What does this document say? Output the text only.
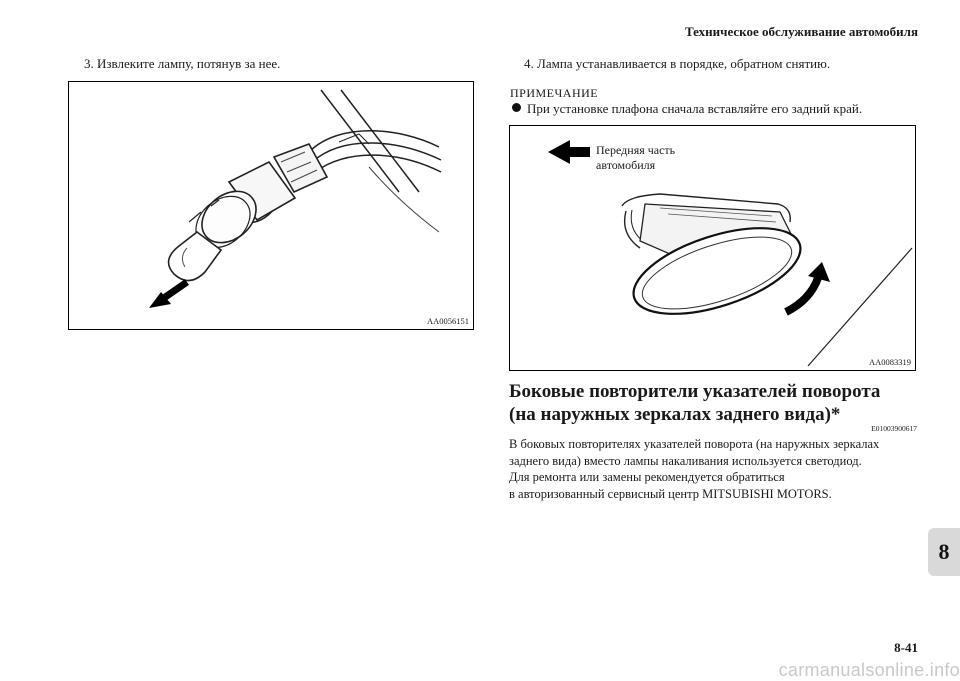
Техническое обслуживание автомобиля
3. Извлеките лампу, потянув за нее.
AA0056151
4. Лампа устанавливается в порядке, обратном снятию.
ПРИМЕЧАНИЕ
При установке плафона сначала вставляйте его задний край.
Передняя часть
автомобиля
AA0083319
Боковые повторители указателей поворота
(на наружных зеркалах заднего вида)*
E01003900617
В боковых повторителях указателей поворота (на наружных зеркалах
заднего вида) вместо лампы накаливания используется светодиод.
Для ремонта или замены рекомендуется обратиться
в авторизованный сервисный центр MITSUBISHI MOTORS.
8
8-41
carmanualsonline.info
